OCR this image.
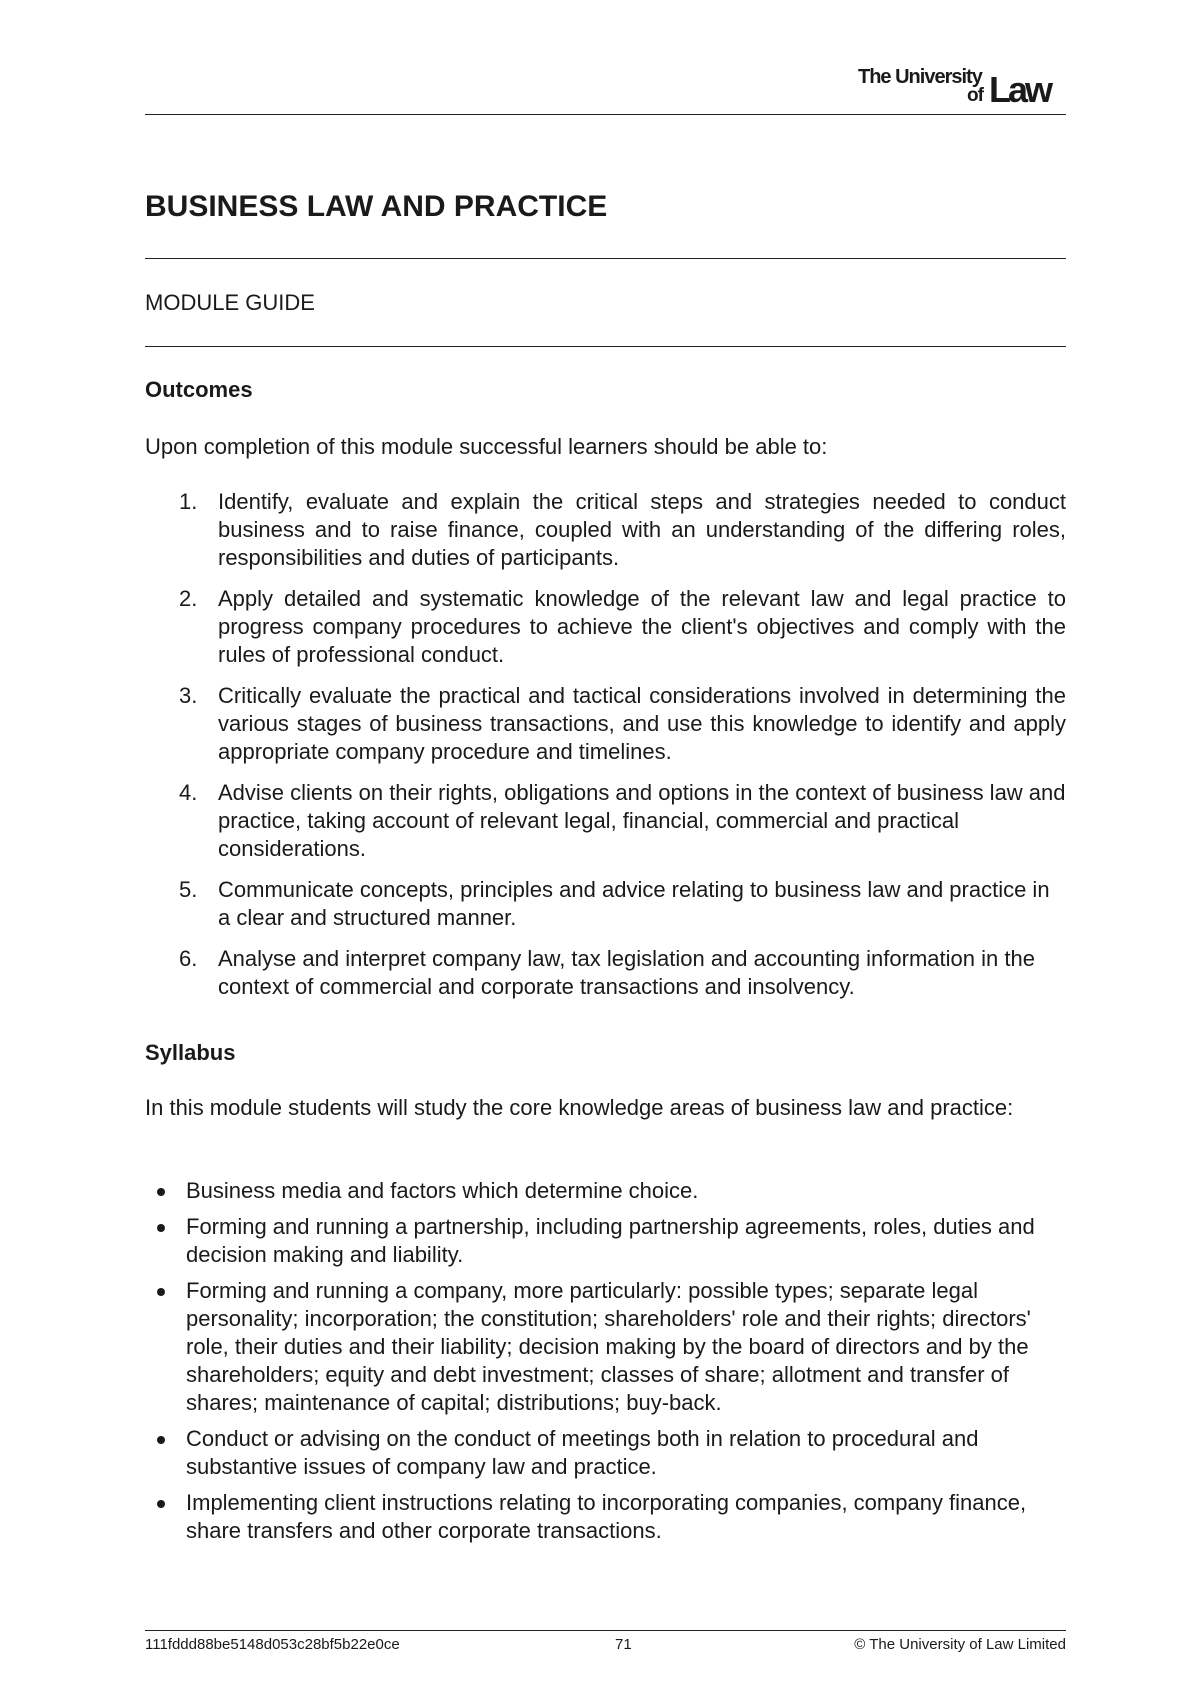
The University
of Law
BUSINESS LAW AND PRACTICE
MODULE GUIDE
Outcomes
Upon completion of this module successful learners should be able to:
1. Identify, evaluate and explain the critical steps and strategies needed to conduct business and to raise finance, coupled with an understanding of the differing roles, responsibilities and duties of participants.
2. Apply detailed and systematic knowledge of the relevant law and legal practice to progress company procedures to achieve the client's objectives and comply with the rules of professional conduct.
3. Critically evaluate the practical and tactical considerations involved in determining the various stages of business transactions, and use this knowledge to identify and apply appropriate company procedure and timelines.
4. Advise clients on their rights, obligations and options in the context of business law and practice, taking account of relevant legal, financial, commercial and practical considerations.
5. Communicate concepts, principles and advice relating to business law and practice in a clear and structured manner.
6. Analyse and interpret company law, tax legislation and accounting information in the context of commercial and corporate transactions and insolvency.
Syllabus
In this module students will study the core knowledge areas of business law and practice:
Business media and factors which determine choice.
Forming and running a partnership, including partnership agreements, roles, duties and decision making and liability.
Forming and running a company, more particularly: possible types; separate legal personality; incorporation; the constitution; shareholders' role and their rights; directors' role, their duties and their liability; decision making by the board of directors and by the shareholders; equity and debt investment; classes of share; allotment and transfer of shares; maintenance of capital; distributions; buy-back.
Conduct or advising on the conduct of meetings both in relation to procedural and substantive issues of company law and practice.
Implementing client instructions relating to incorporating companies, company finance, share transfers and other corporate transactions.
111fddd88be5148d053c28bf5b22e0ce	71	© The University of Law Limited
